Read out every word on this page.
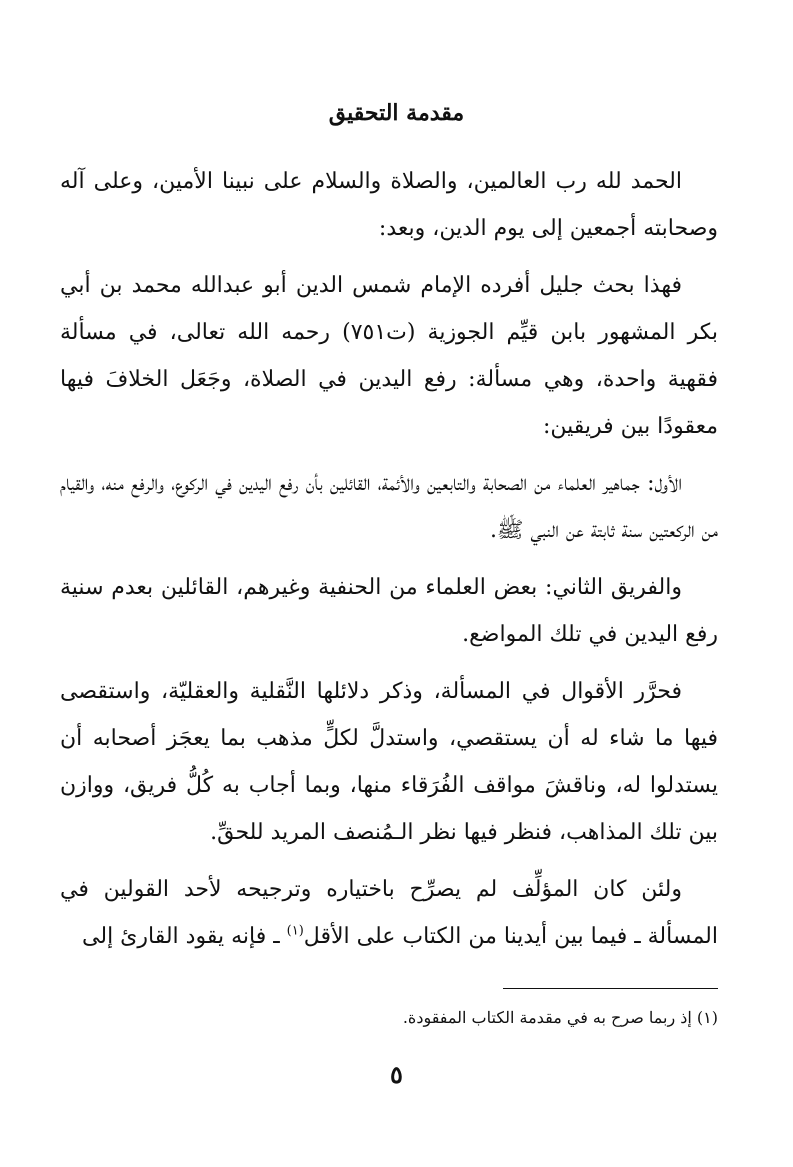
مقدمة التحقيق

الحمد لله رب العالمين، والصلاة والسلام على نبينا الأمين، وعلى آله وصحابته أجمعين إلى يوم الدين، وبعد:

فهذا بحث جليل أفرده الإمام شمس الدين أبو عبدالله محمد بن أبي بكر المشهور بابن قيِّم الجوزية (ت٧٥١) رحمه الله تعالى، في مسألة فقهية واحدة، وهي مسألة: رفع اليدين في الصلاة، وجَعَل الخلافَ فيها معقودًا بين فريقين:

الأول: جماهير العلماء من الصحابة والتابعين والأئمة، القائلين بأن رفع اليدين في الركوع، والرفع منه، والقيام من الركعتين سنة ثابتة عن النبي ﷺ.

والفريق الثاني: بعض العلماء من الحنفية وغيرهم، القائلين بعدم سنية رفع اليدين في تلك المواضع.

فحرَّر الأقوال في المسألة، وذكر دلائلها النَّقلية والعقليّة، واستقصى فيها ما شاء له أن يستقصي، واستدلَّ لكلٍّ مذهب بما يعجَز أصحابه أن يستدلوا له، وناقشَ مواقف الفُرَقاء منها، وبما أجاب به كُلُّ فريق، ووازن بين تلك المذاهب، فنظر فيها نظر الـمُنصف المريد للحقِّ.

ولئن كان المؤلِّف لم يصرِّح باختياره وترجيحه لأحد القولين في المسألة ـ فيما بين أيدينا من الكتاب على الأقل$^{(١)}$ ـ فإنه يقود القارئ إلى

(١) إذ ربما صرح به في مقدمة الكتاب المفقودة.
٥
